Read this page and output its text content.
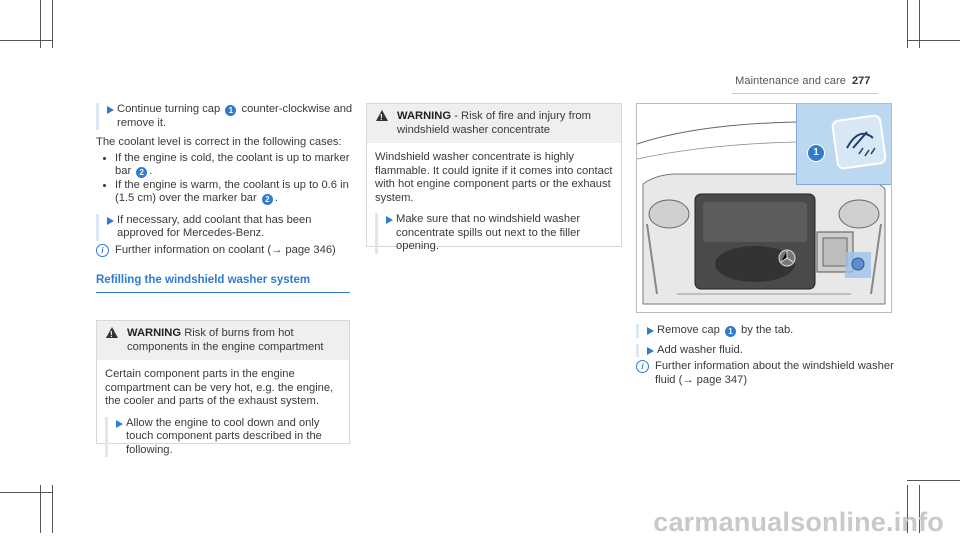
Maintenance and care 277
Continue turning cap 1 counter-clockwise and remove it.
The coolant level is correct in the following cases:
If the engine is cold, the coolant is up to marker bar 2 .
If the engine is warm, the coolant is up to 0.6 in (1.5 cm) over the marker bar 2 .
If necessary, add coolant that has been approved for Mercedes-Benz.
i	Further information on coolant (→ page 346)
Refilling the windshield washer system
!
WARNING Risk of burns from hot components in the engine compartment
Certain component parts in the engine compartment can be very hot, e.g. the engine, the cooler and parts of the exhaust system.
Allow the engine to cool down and only touch component parts described in the following.
!
WARNING - Risk of fire and injury from windshield washer concentrate
Windshield washer concentrate is highly flammable. It could ignite if it comes into contact with hot engine component parts or the exhaust system.
Make sure that no windshield washer concentrate spills out next to the filler opening.
1
Remove cap 1 by the tab.
Add washer fluid.
i	Further information about the windshield washer fluid (→ page 347)
carmanualsonline.info
